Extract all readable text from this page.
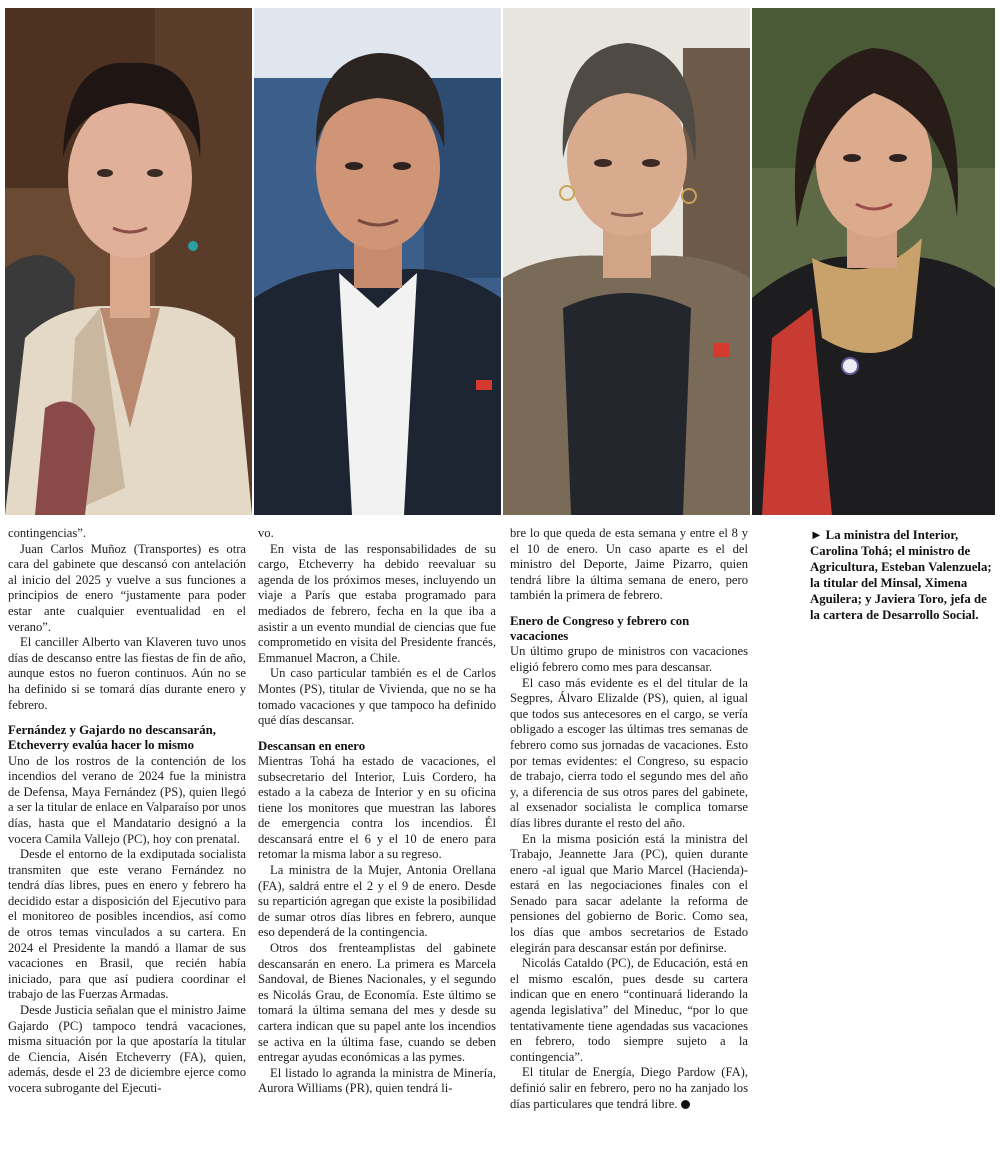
contingencias”.

Juan Carlos Muñoz (Transportes) es otra cara del gabinete que descansó con antelación al inicio del 2025 y vuelve a sus funciones a principios de enero “justamente para poder estar ante cualquier eventualidad en el verano”.

El canciller Alberto van Klaveren tuvo unos días de descanso entre las fiestas de fin de año, aunque estos no fueron continuos. Aún no se ha definido si se tomará días durante enero y febrero.

Fernández y Gajardo no descansarán, Etcheverry evalúa hacer lo mismo

Uno de los rostros de la contención de los incendios del verano de 2024 fue la ministra de Defensa, Maya Fernández (PS), quien llegó a ser la titular de enlace en Valparaíso por unos días, hasta que el Mandatario designó a la vocera Camila Vallejo (PC), hoy con prenatal.

Desde el entorno de la exdiputada socialista transmiten que este verano Fernández no tendrá días libres, pues en enero y febrero ha decidido estar a disposición del Ejecutivo para el monitoreo de posibles incendios, así como de otros temas vinculados a su cartera. En 2024 el Presidente la mandó a llamar de sus vacaciones en Brasil, que recién había iniciado, para que así pudiera coordinar el trabajo de las Fuerzas Armadas.

Desde Justicia señalan que el ministro Jaime Gajardo (PC) tampoco tendrá vacaciones, misma situación por la que apostaría la titular de Ciencia, Aisén Etcheverry (FA), quien, además, desde el 23 de diciembre ejerce como vocera subrogante del Ejecuti-

vo.

En vista de las responsabilidades de su cargo, Etcheverry ha debido reevaluar su agenda de los próximos meses, incluyendo un viaje a París que estaba programado para mediados de febrero, fecha en la que iba a asistir a un evento mundial de ciencias que fue comprometido en visita del Presidente francés, Emmanuel Macron, a Chile.

Un caso particular también es el de Carlos Montes (PS), titular de Vivienda, que no se ha tomado vacaciones y que tampoco ha definido qué días descansar.

Descansan en enero

Mientras Tohá ha estado de vacaciones, el subsecretario del Interior, Luis Cordero, ha estado a la cabeza de Interior y en su oficina tiene los monitores que muestran las labores de emergencia contra los incendios. Él descansará entre el 6 y el 10 de enero para retomar la misma labor a su regreso.

La ministra de la Mujer, Antonia Orellana (FA), saldrá entre el 2 y el 9 de enero. Desde su repartición agregan que existe la posibilidad de sumar otros días libres en febrero, aunque eso dependerá de la contingencia.

Otros dos frenteamplistas del gabinete descansarán en enero. La primera es Marcela Sandoval, de Bienes Nacionales, y el segundo es Nicolás Grau, de Economía. Este último se tomará la última semana del mes y desde su cartera indican que su papel ante los incendios se activa en la última fase, cuando se deben entregar ayudas económicas a las pymes.

El listado lo agranda la ministra de Minería, Aurora Williams (PR), quien tendrá li-

bre lo que queda de esta semana y entre el 8 y el 10 de enero. Un caso aparte es el del ministro del Deporte, Jaime Pizarro, quien tendrá libre la última semana de enero, pero también la primera de febrero.

Enero de Congreso y febrero con vacaciones

Un último grupo de ministros con vacaciones eligió febrero como mes para descansar.

El caso más evidente es el del titular de la Segpres, Álvaro Elizalde (PS), quien, al igual que todos sus antecesores en el cargo, se vería obligado a escoger las últimas tres semanas de febrero como sus jornadas de vacaciones. Esto por temas evidentes: el Congreso, su espacio de trabajo, cierra todo el segundo mes del año y, a diferencia de sus otros pares del gabinete, al exsenador socialista le complica tomarse días libres durante el resto del año.

En la misma posición está la ministra del Trabajo, Jeannette Jara (PC), quien durante enero -al igual que Mario Marcel (Hacienda)- estará en las negociaciones finales con el Senado para sacar adelante la reforma de pensiones del gobierno de Boric. Como sea, los días que ambos secretarios de Estado elegirán para descansar están por definirse.

Nicolás Cataldo (PC), de Educación, está en el mismo escalón, pues desde su cartera indican que en enero “continuará liderando la agenda legislativa” del Mineduc, “por lo que tentativamente tiene agendadas sus vacaciones en febrero, todo siempre sujeto a la contingencia”.

El titular de Energía, Diego Pardow (FA), definió salir en febrero, pero no ha zanjado los días particulares que tendrá libre.

► La ministra del Interior, Carolina Tohá; el ministro de Agricultura, Esteban Valenzuela; la titular del Minsal, Ximena Aguilera; y Javiera Toro, jefa de la cartera de Desarrollo Social.
